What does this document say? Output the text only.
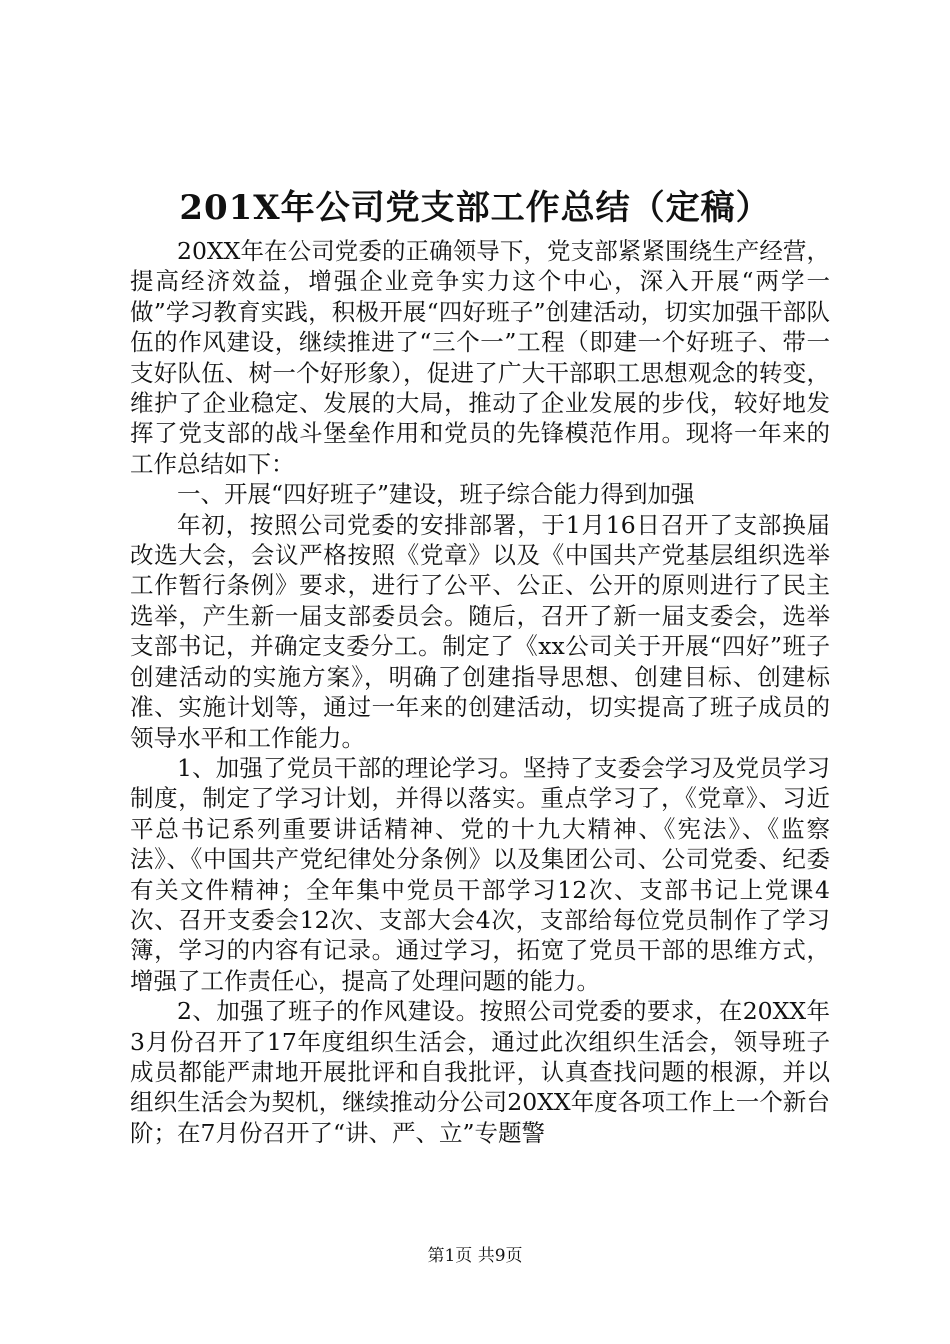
201X年公司党支部工作总结（定稿）

20XX年在公司党委的正确领导下，党支部紧紧围绕生产经营，提高经济效益，增强企业竞争实力这个中心，深入开展“两学一做”学习教育实践，积极开展“四好班子”创建活动，切实加强干部队伍的作风建设，继续推进了“三个一”工程（即建一个好班子、带一支好队伍、树一个好形象），促进了广大干部职工思想观念的转变，维护了企业稳定、发展的大局，推动了企业发展的步伐，较好地发挥了党支部的战斗堡垒作用和党员的先锋模范作用。现将一年来的工作总结如下：

一、开展“四好班子”建设，班子综合能力得到加强

年初，按照公司党委的安排部署，于1月16日召开了支部换届改选大会，会议严格按照《党章》以及《中国共产党基层组织选举工作暂行条例》要求，进行了公平、公正、公开的原则进行了民主选举，产生新一届支部委员会。随后，召开了新一届支委会，选举支部书记，并确定支委分工。制定了《xx公司关于开展“四好”班子创建活动的实施方案》，明确了创建指导思想、创建目标、创建标准、实施计划等，通过一年来的创建活动，切实提高了班子成员的领导水平和工作能力。

1、加强了党员干部的理论学习。坚持了支委会学习及党员学习制度，制定了学习计划，并得以落实。重点学习了，《党章》、习近平总书记系列重要讲话精神、党的十九大精神、《宪法》、《监察法》、《中国共产党纪律处分条例》以及集团公司、公司党委、纪委有关文件精神；全年集中党员干部学习12次、支部书记上党课4次、召开支委会12次、支部大会4次，支部给每位党员制作了学习簿，学习的内容有记录。通过学习，拓宽了党员干部的思维方式，增强了工作责任心，提高了处理问题的能力。

2、加强了班子的作风建设。按照公司党委的要求，在20XX年3月份召开了17年度组织生活会，通过此次组织生活会，领导班子成员都能严肃地开展批评和自我批评，认真查找问题的根源，并以组织生活会为契机，继续推动分公司20XX年度各项工作上一个新台阶；在7月份召开了“讲、严、立”专题警

第1页 共9页
